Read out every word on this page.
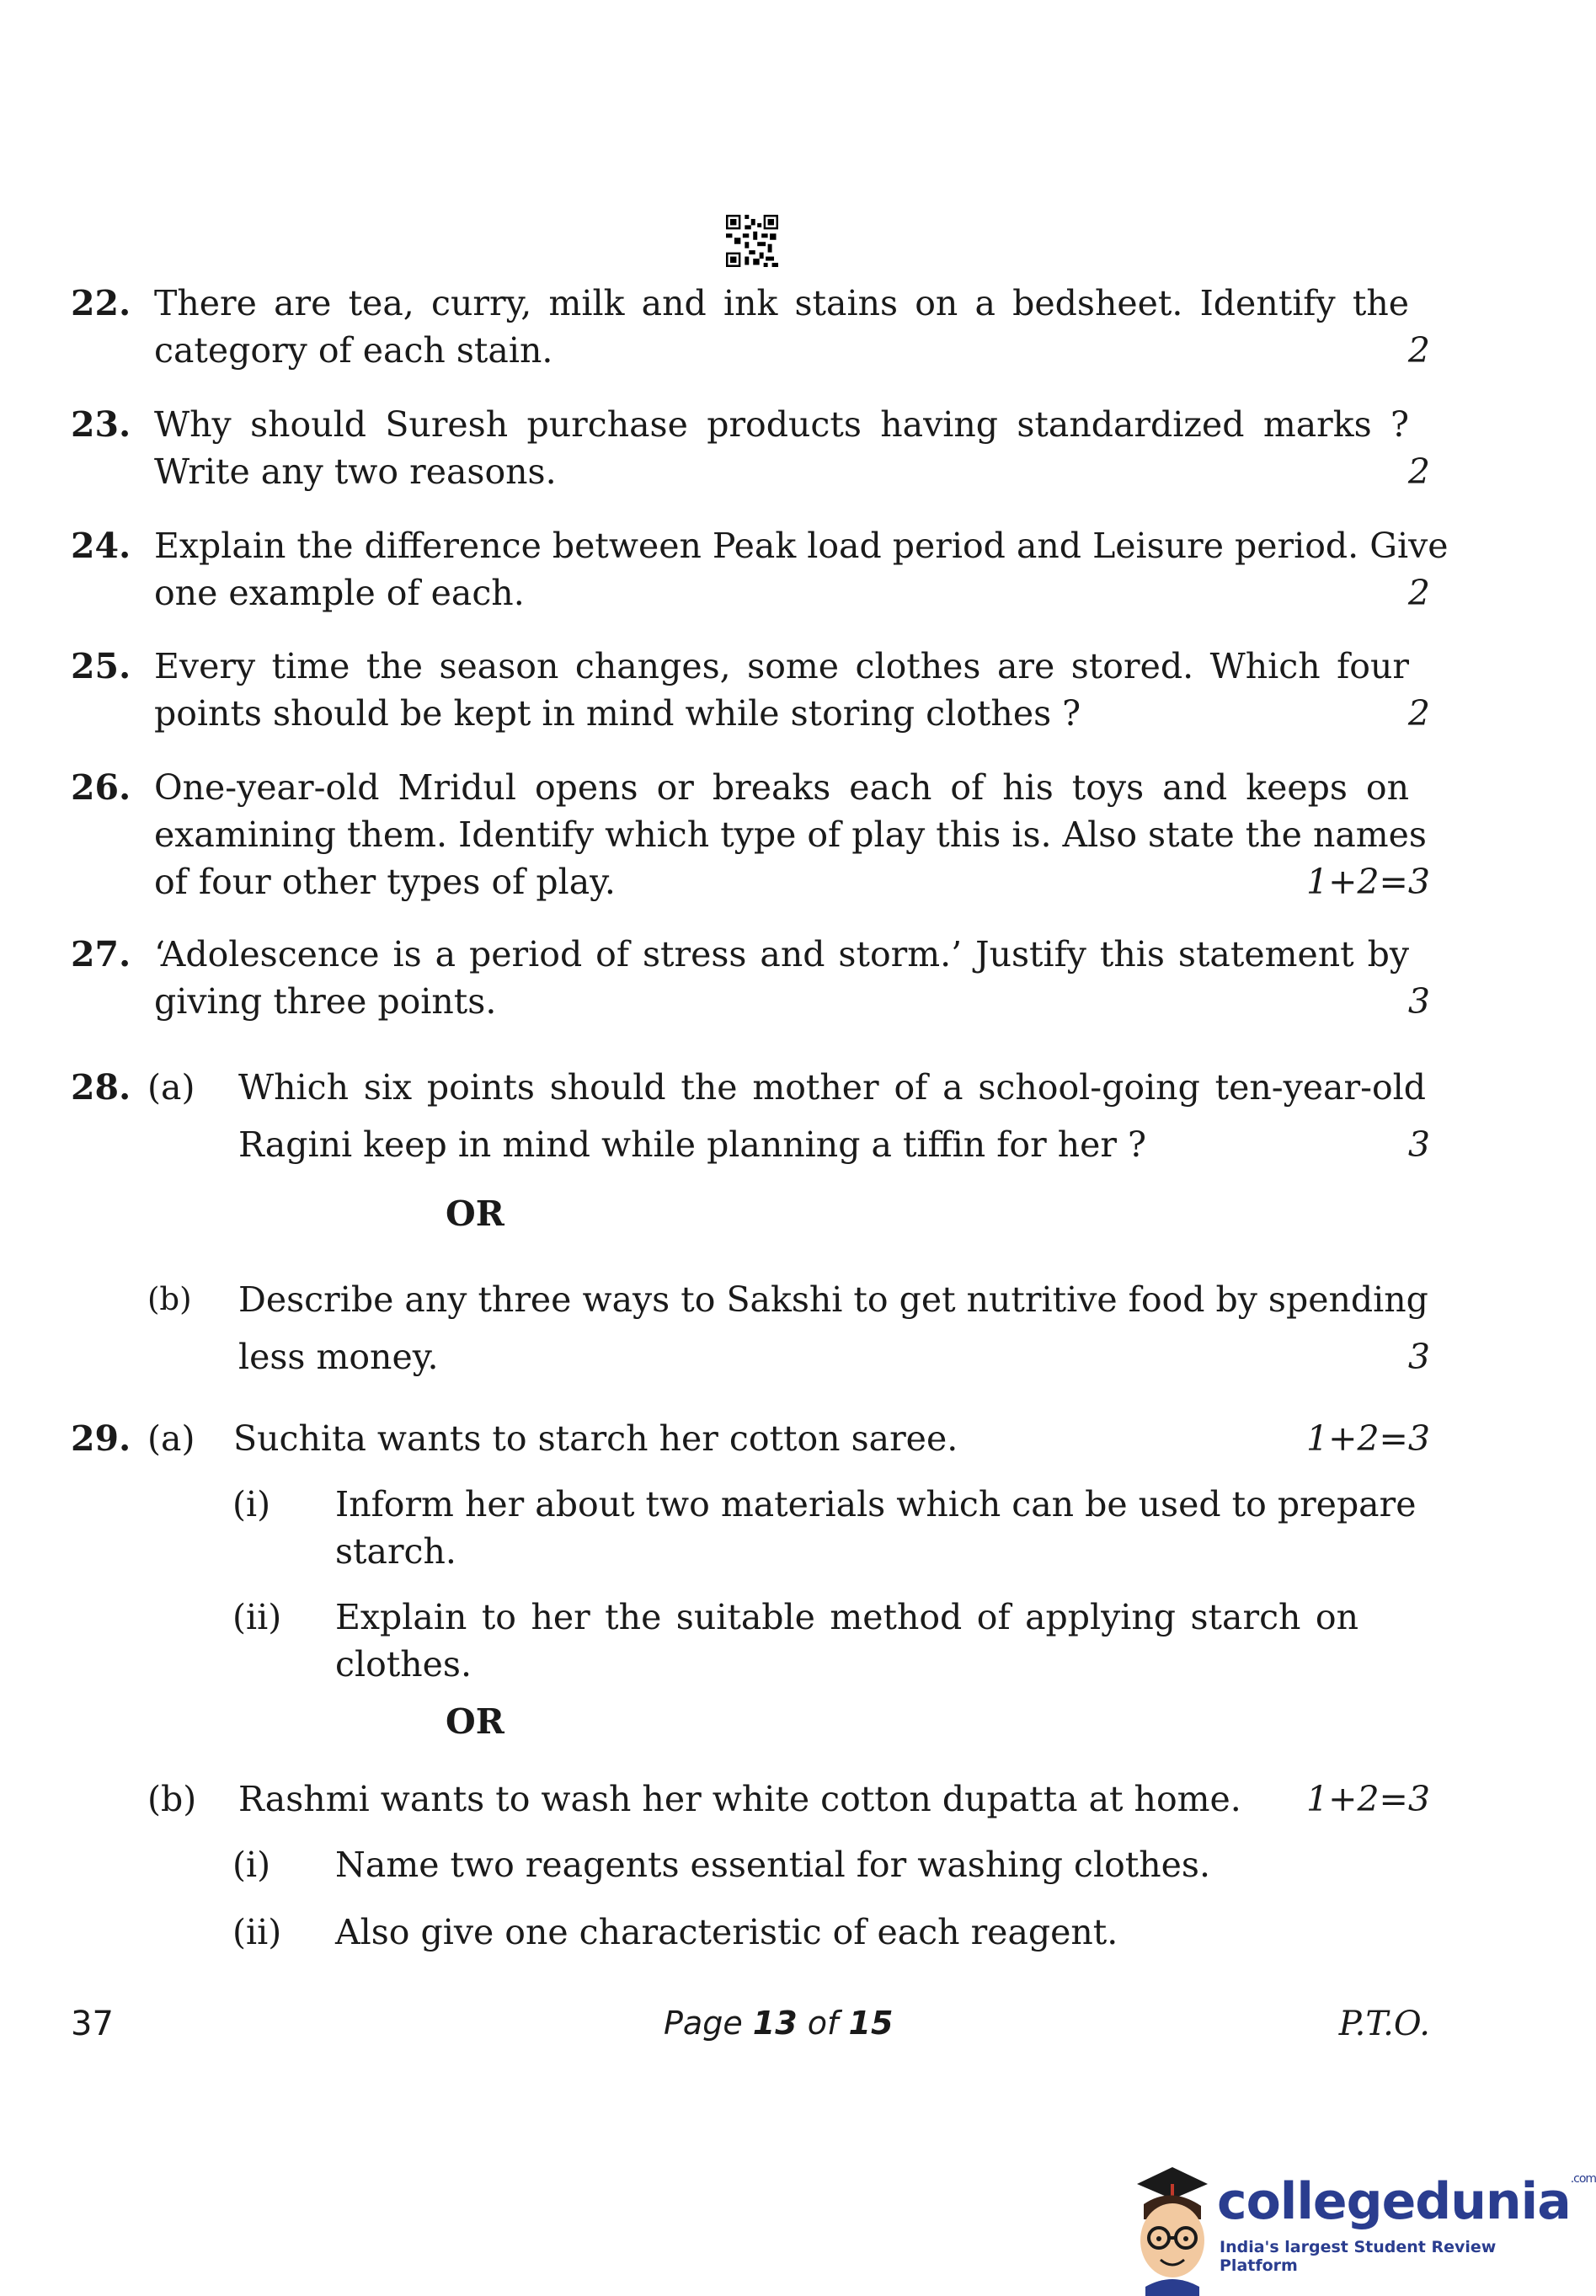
22. There are tea, curry, milk and ink stains on a bedsheet. Identify the
category of each stain.	2
23. Why should Suresh purchase products having standardized marks ?
Write any two reasons.	2
24. Explain the difference between Peak load period and Leisure period. Give
one example of each.	2
25. Every time the season changes, some clothes are stored. Which four
points should be kept in mind while storing clothes ?	2
26. One-year-old Mridul opens or breaks each of his toys and keeps on
examining them. Identify which type of play this is. Also state the names
of four other types of play.	1+2=3
27. ‘Adolescence is a period of stress and storm.’ Justify this statement by
giving three points.	3
28. (a) Which six points should the mother of a school-going ten-year-old
Ragini keep in mind while planning a tiffin for her ?	3
OR
(b) Describe any three ways to Sakshi to get nutritive food by spending
less money.	3
29. (a) Suchita wants to starch her cotton saree.	1+2=3
(i) Inform her about two materials which can be used to prepare
starch.
(ii) Explain to her the suitable method of applying starch on
clothes.
OR
(b) Rashmi wants to wash her white cotton dupatta at home.	1+2=3
(i) Name two reagents essential for washing clothes.
(ii) Also give one characteristic of each reagent.
37	Page 13 of 15	P.T.O.
collegedunia$^{.com}$
India's largest Student Review Platform
